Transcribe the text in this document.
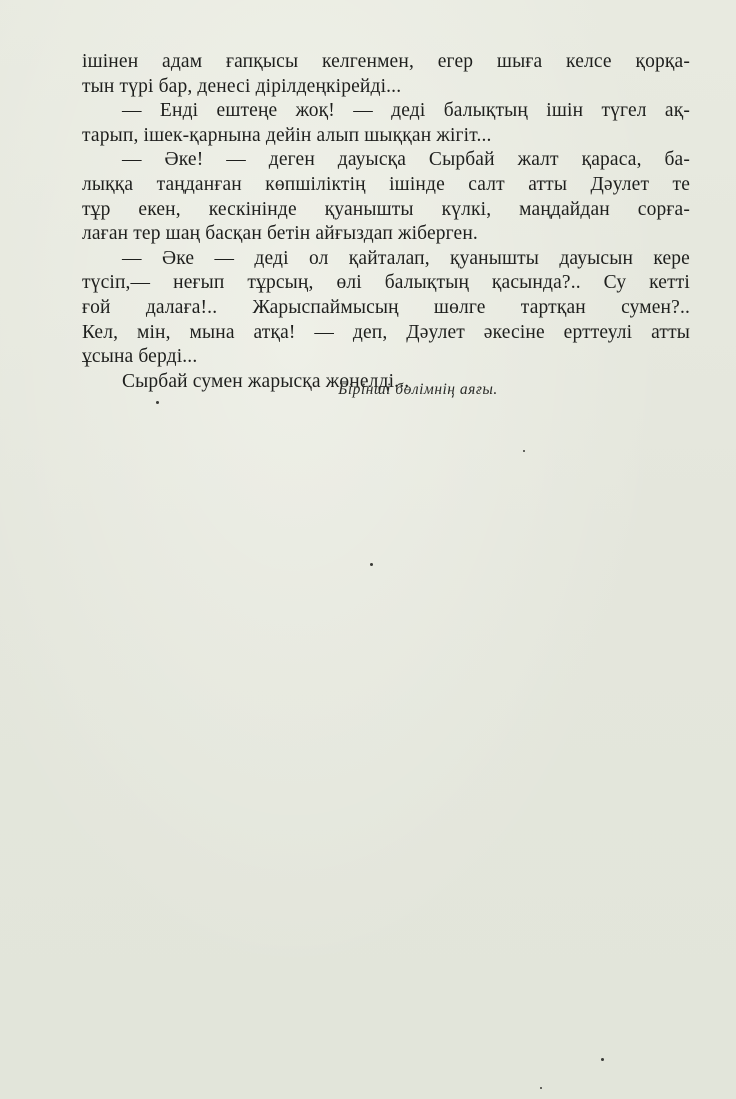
ішінен адам ғапқысы келгенмен, егер шыға келсе қорқа-
тын түрі бар, денесі дірілдеңкірейді...
— Енді ештеңе жоқ! — деді балықтың ішін түгел ақ-
тарып, ішек-қарнына дейін алып шыққан жігіт...
— Әке! — деген дауысқа Сырбай жалт қараса, ба-
лыққа таңданған көпшіліктің ішінде салт атты Дәулет те
тұр екен, кескінінде қуанышты күлкі, маңдайдан сорға-
лаған тер шаң басқан бетін айғыздап жіберген.
— Әке — деді ол қайталап, қуанышты дауысын кере
түсіп,— неғып тұрсың, өлі балықтың қасында?.. Су кетті
ғой далаға!.. Жарыспаймысың шөлге тартқан сумен?..
Кел, мін, мына атқа! — деп, Дәулет әкесіне ерттеулі атты
ұсына берді...
Сырбай сумен жарысқа жөнелді...
Бірінші бөлімнің аяғы.
